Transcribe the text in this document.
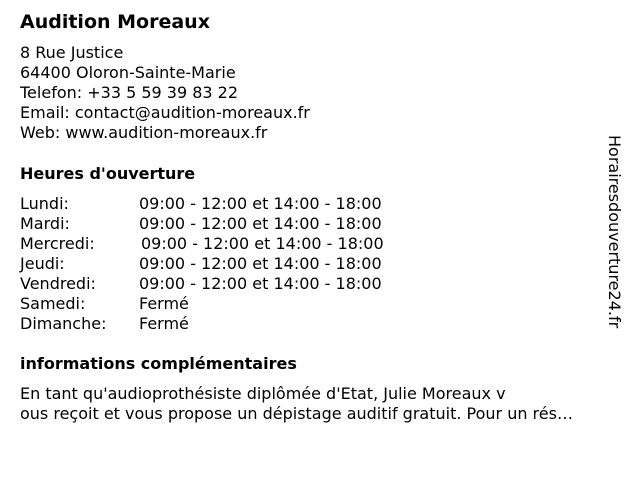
Audition Moreaux
8 Rue Justice
64400 Oloron-Sainte-Marie
Telefon: +33 5 59 39 83 22
Email: contact@audition-moreaux.fr
Web: www.audition-moreaux.fr
Heures d'ouverture
Lundi:	09:00 - 12:00 et 14:00 - 18:00
Mardi:	09:00 - 12:00 et 14:00 - 18:00
Mercredi:	09:00 - 12:00 et 14:00 - 18:00
Jeudi:	09:00 - 12:00 et 14:00 - 18:00
Vendredi:	09:00 - 12:00 et 14:00 - 18:00
Samedi:	Fermé
Dimanche: Fermé
informations complémentaires
En tant qu'audioprothésiste diplômée d'Etat, Julie Moreaux v
ous reçoit et vous propose un dépistage auditif gratuit. Pour un rés…
Horairesdouverture24.fr
